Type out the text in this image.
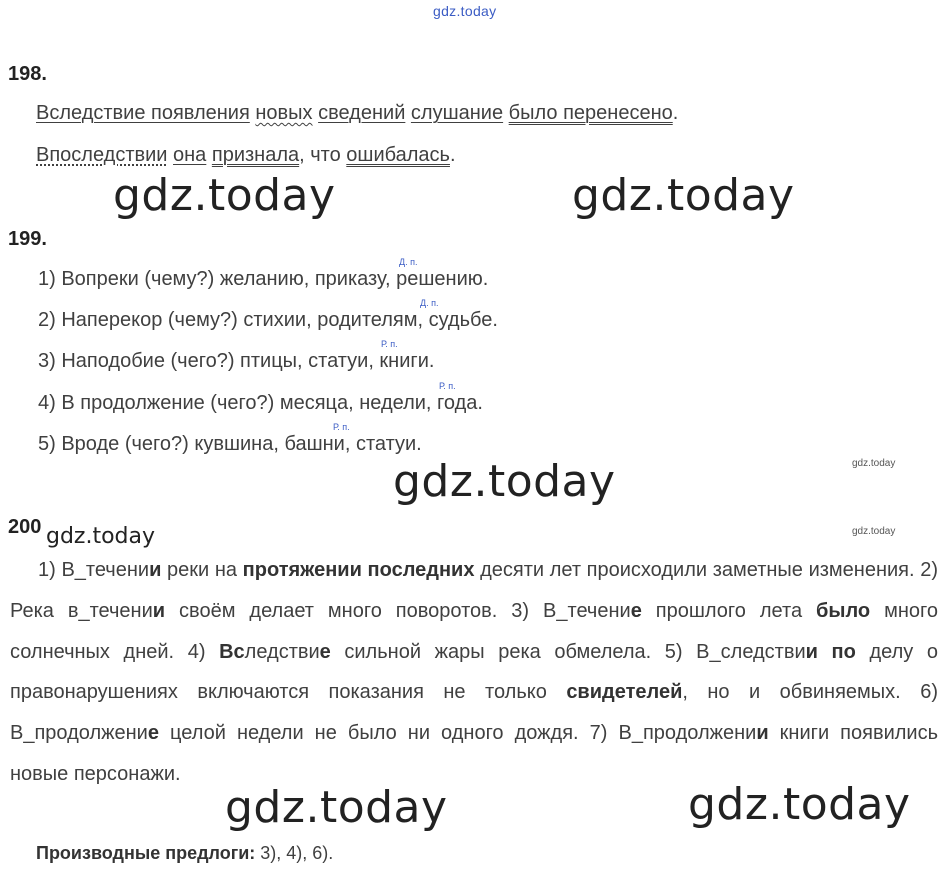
gdz.today
gdz.today	gdz.today
gdz.today
gdz.today	gdz.today
gdz.today
gdz.today
gdz.today
198.
Вследствие появления новых сведений слушание было перенесено.
Впоследствии она признала, что ошибалась.
199.
Д. п.
1) Вопреки (чему?) желанию, приказу, решению.
Д. п.
2) Наперекор (чему?) стихии, родителям, судьбе.
Р. п.
3) Наподобие (чего?) птицы, статуи, книги.
Р. п.
4) В продолжение (чего?) месяца, недели, года.
Р. п.
5) Вроде (чего?) кувшина, башни, статуи.
200
1) В_течении реки на протяжении последних десяти лет происходили заметные изменения. 2) Река в_течении своём делает много поворотов. 3) В_течение прошлого лета было много солнечных дней. 4) Вследствие сильной жары река обмелела. 5) В_следствии по делу о правонарушениях включаются показания не только свидетелей, но и обвиняемых. 6) В_продолжение целой недели не было ни одного дождя. 7) В_продолжении книги появились новые персонажи.
Производные предлоги: 3), 4), 6).
